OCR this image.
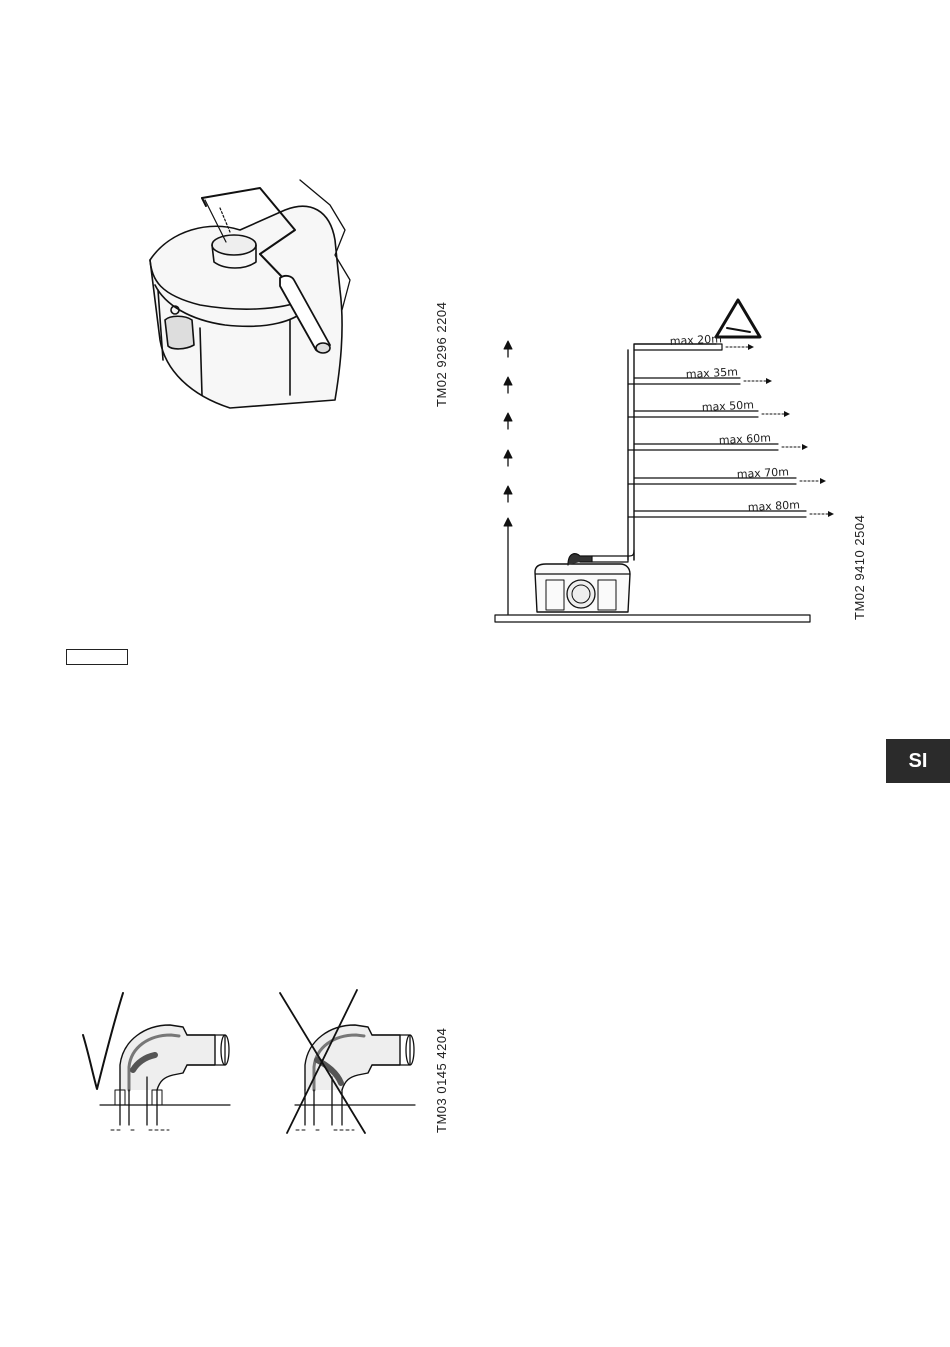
TM02 9296 2204	max 20m
max 35m
max 50m
max 60m
max 70m
max 80m
TM02 9410 2504
SI
TM03 0145 4204
